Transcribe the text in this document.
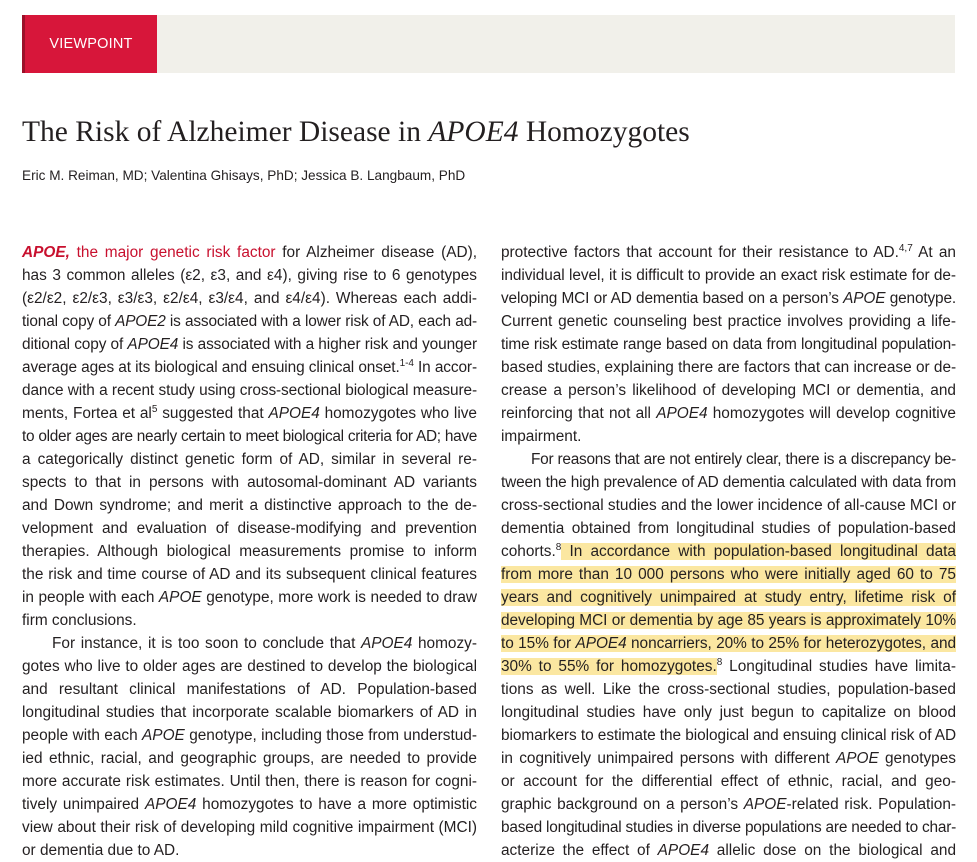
VIEWPOINT
The Risk of Alzheimer Disease in APOE4 Homozygotes
Eric M. Reiman, MD; Valentina Ghisays, PhD; Jessica B. Langbaum, PhD
APOE, the major genetic risk factor for Alzheimer disease (AD),
has 3 common alleles (ε2, ε3, and ε4), giving rise to 6 genotypes
(ε2/ε2, ε2/ε3, ε3/ε3, ε2/ε4, ε3/ε4, and ε4/ε4). Whereas each addi-
tional copy of APOE2 is associated with a lower risk of AD, each ad-
ditional copy of APOE4 is associated with a higher risk and younger
average ages at its biological and ensuing clinical onset.$^{1-4}$ In accor-
dance with a recent study using cross-sectional biological measure-
ments, Fortea et $al^5$ suggested that APOE4 homozygotes who live
to older ages are nearly certain to meet biological criteria for AD; have
a categorically distinct genetic form of AD, similar in several re-
spects to that in persons with autosomal-dominant AD variants
and Down syndrome; and merit a distinctive approach to the de-
velopment and evaluation of disease-modifying and prevention
therapies. Although biological measurements promise to inform
the risk and time course of AD and its subsequent clinical features
in people with each APOE genotype, more work is needed to draw
firm conclusions.
For instance, it is too soon to conclude that APOE4 homozy-
gotes who live to older ages are destined to develop the biological
and resultant clinical manifestations of AD. Population-based
longitudinal studies that incorporate scalable biomarkers of AD in
people with each APOE genotype, including those from understud-
ied ethnic, racial, and geographic groups, are needed to provide
more accurate risk estimates. Until then, there is reason for cogni-
tively unimpaired APOE4 homozygotes to have a more optimistic
view about their risk of developing mild cognitive impairment (MCI)
or dementia due to AD.
protective factors that account for their resistance to AD.$^{4,7}$ At an
individual level, it is difficult to provide an exact risk estimate for de-
veloping MCI or AD dementia based on a person’s APOE genotype.
Current genetic counseling best practice involves providing a life-
time risk estimate range based on data from longitudinal population-
based studies, explaining there are factors that can increase or de-
crease a person’s likelihood of developing MCI or dementia, and
reinforcing that not all APOE4 homozygotes will develop cognitive
impairment.
For reasons that are not entirely clear, there is a discrepancy be-
tween the high prevalence of AD dementia calculated with data from
cross-sectional studies and the lower incidence of all-cause MCI or
dementia obtained from longitudinal studies of population-based
cohorts.$^8$ In accordance with population-based longitudinal data
from more than 10 000 persons who were initially aged 60 to 75
years and cognitively unimpaired at study entry, lifetime risk of
developing MCI or dementia by age 85 years is approximately 10%
to 15% for APOE4 noncarriers, 20% to 25% for heterozygotes, and
30% to 55% for homozygotes.$^8$ Longitudinal studies have limita-
tions as well. Like the cross-sectional studies, population-based
longitudinal studies have only just begun to capitalize on blood
biomarkers to estimate the biological and ensuing clinical risk of AD
in cognitively unimpaired persons with different APOE genotypes
or account for the differential effect of ethnic, racial, and geo-
graphic background on a person’s APOE-related risk. Population-
based longitudinal studies in diverse populations are needed to char-
acterize the effect of APOE4 allelic dose on the biological and
